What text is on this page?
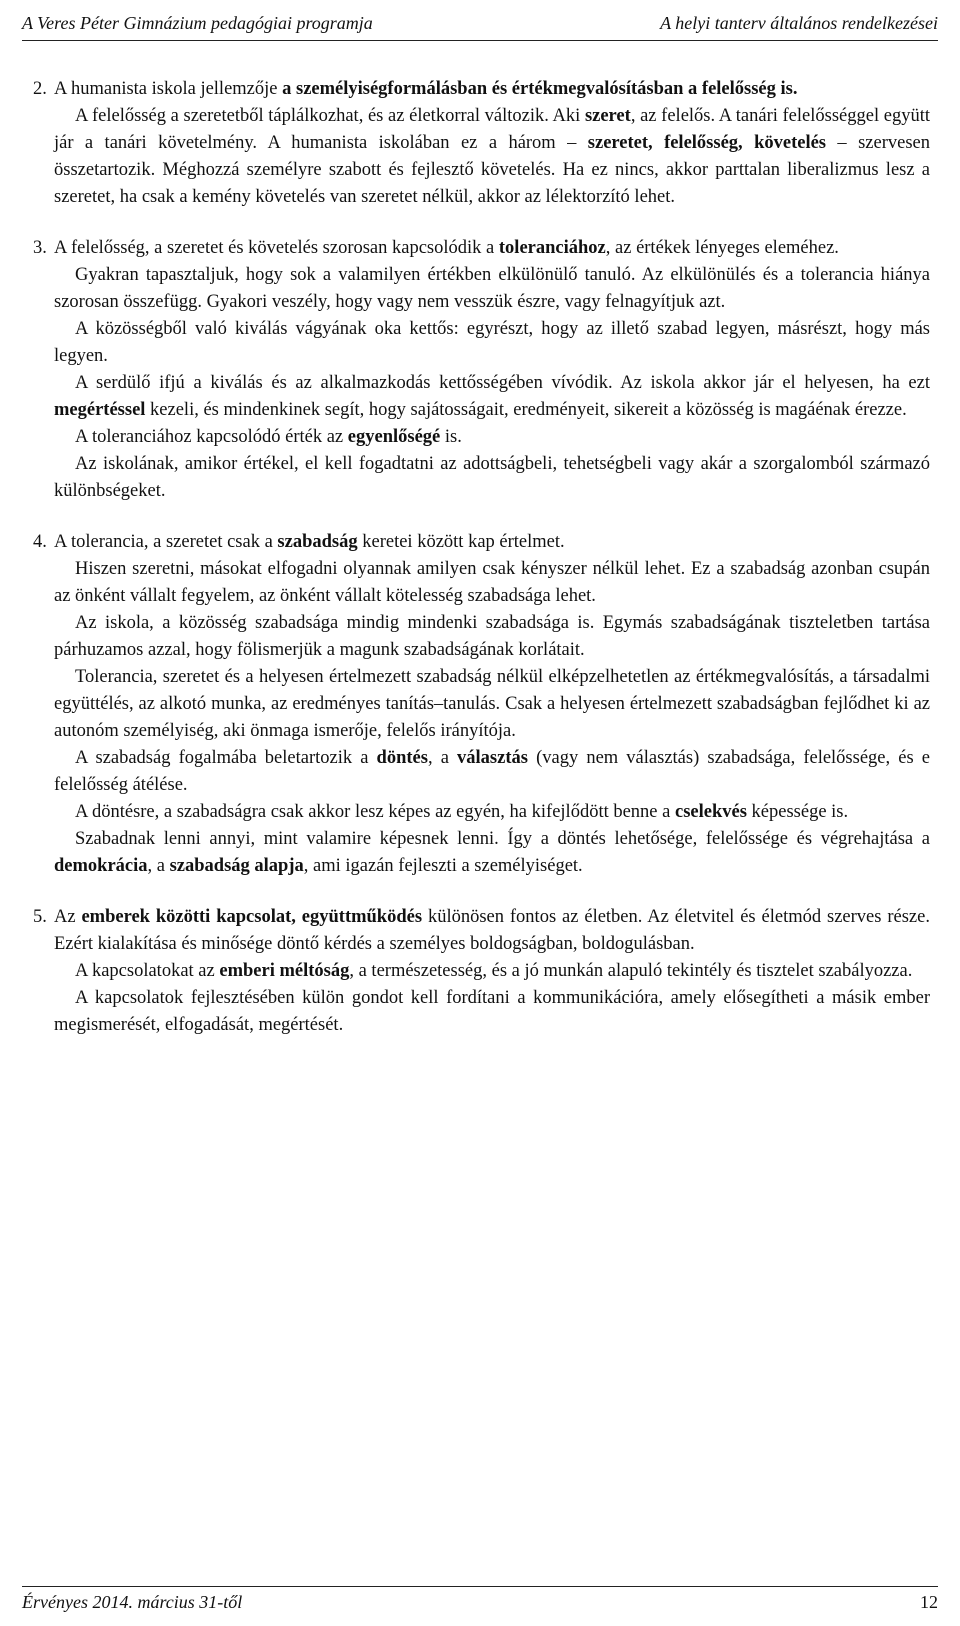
A Veres Péter Gimnázium pedagógiai programja	A helyi tanterv általános rendelkezései
2. A humanista iskola jellemzője a személyiségformálásban és értékmegvalósításban a felelősség is.

A felelősség a szeretetből táplálkozhat, és az életkorral változik. Aki szeret, az felelős. A tanári felelősséggel együtt jár a tanári követelmény. A humanista iskolában ez a három – szeretet, felelősség, követelés – szervesen összetartozik. Méghozzá személyre szabott és fejlesztő követelés. Ha ez nincs, akkor parttalan liberalizmus lesz a szeretet, ha csak a kemény követelés van szeretet nélkül, akkor az lélektorzító lehet.

3. A felelősség, a szeretet és követelés szorosan kapcsolódik a toleranciához, az értékek lényeges eleméhez.

Gyakran tapasztaljuk, hogy sok a valamilyen értékben elkülönülő tanuló. Az elkülönülés és a tolerancia hiánya szorosan összefügg. Gyakori veszély, hogy vagy nem vesszük észre, vagy felnagyítjuk azt.

A közösségből való kiválás vágyának oka kettős: egyrészt, hogy az illető szabad legyen, másrészt, hogy más legyen.

A serdülő ifjú a kiválás és az alkalmazkodás kettősségében vívódik. Az iskola akkor jár el helyesen, ha ezt megértéssel kezeli, és mindenkinek segít, hogy sajátosságait, eredményeit, sikereit a közösség is magáénak érezze.

A toleranciához kapcsolódó érték az egyenlőségé is.

Az iskolának, amikor értékel, el kell fogadtatni az adottságbeli, tehetségbeli vagy akár a szorgalomból származó különbségeket.

4. A tolerancia, a szeretet csak a szabadság keretei között kap értelmet.

Hiszen szeretni, másokat elfogadni olyannak amilyen csak kényszer nélkül lehet. Ez a szabadság azonban csupán az önként vállalt fegyelem, az önként vállalt kötelesség szabadsága lehet.

Az iskola, a közösség szabadsága mindig mindenki szabadsága is. Egymás szabadságának tiszteletben tartása párhuzamos azzal, hogy fölismerjük a magunk szabadságának korlátait.

Tolerancia, szeretet és a helyesen értelmezett szabadság nélkül elképzelhetetlen az értékmegvalósítás, a társadalmi együttélés, az alkotó munka, az eredményes tanítás–tanulás. Csak a helyesen értelmezett szabadságban fejlődhet ki az autonóm személyiség, aki önmaga ismerője, felelős irányítója.

A szabadság fogalmába beletartozik a döntés, a választás (vagy nem választás) szabadsága, felelőssége, és e felelősség átélése.

A döntésre, a szabadságra csak akkor lesz képes az egyén, ha kifejlődött benne a cselekvés képessége is.

Szabadnak lenni annyi, mint valamire képesnek lenni. Így a döntés lehetősége, felelőssége és végrehajtása a demokrácia, a szabadság alapja, ami igazán fejleszti a személyiséget.

5. Az emberek közötti kapcsolat, együttműködés különösen fontos az életben. Az életvitel és életmód szerves része. Ezért kialakítása és minősége döntő kérdés a személyes boldogságban, boldogulásban.

A kapcsolatokat az emberi méltóság, a természetesség, és a jó munkán alapuló tekintély és tisztelet szabályozza.

A kapcsolatok fejlesztésében külön gondot kell fordítani a kommunikációra, amely elősegítheti a másik ember megismerését, elfogadását, megértését.

Érvényes 2014. március 31-től	12
